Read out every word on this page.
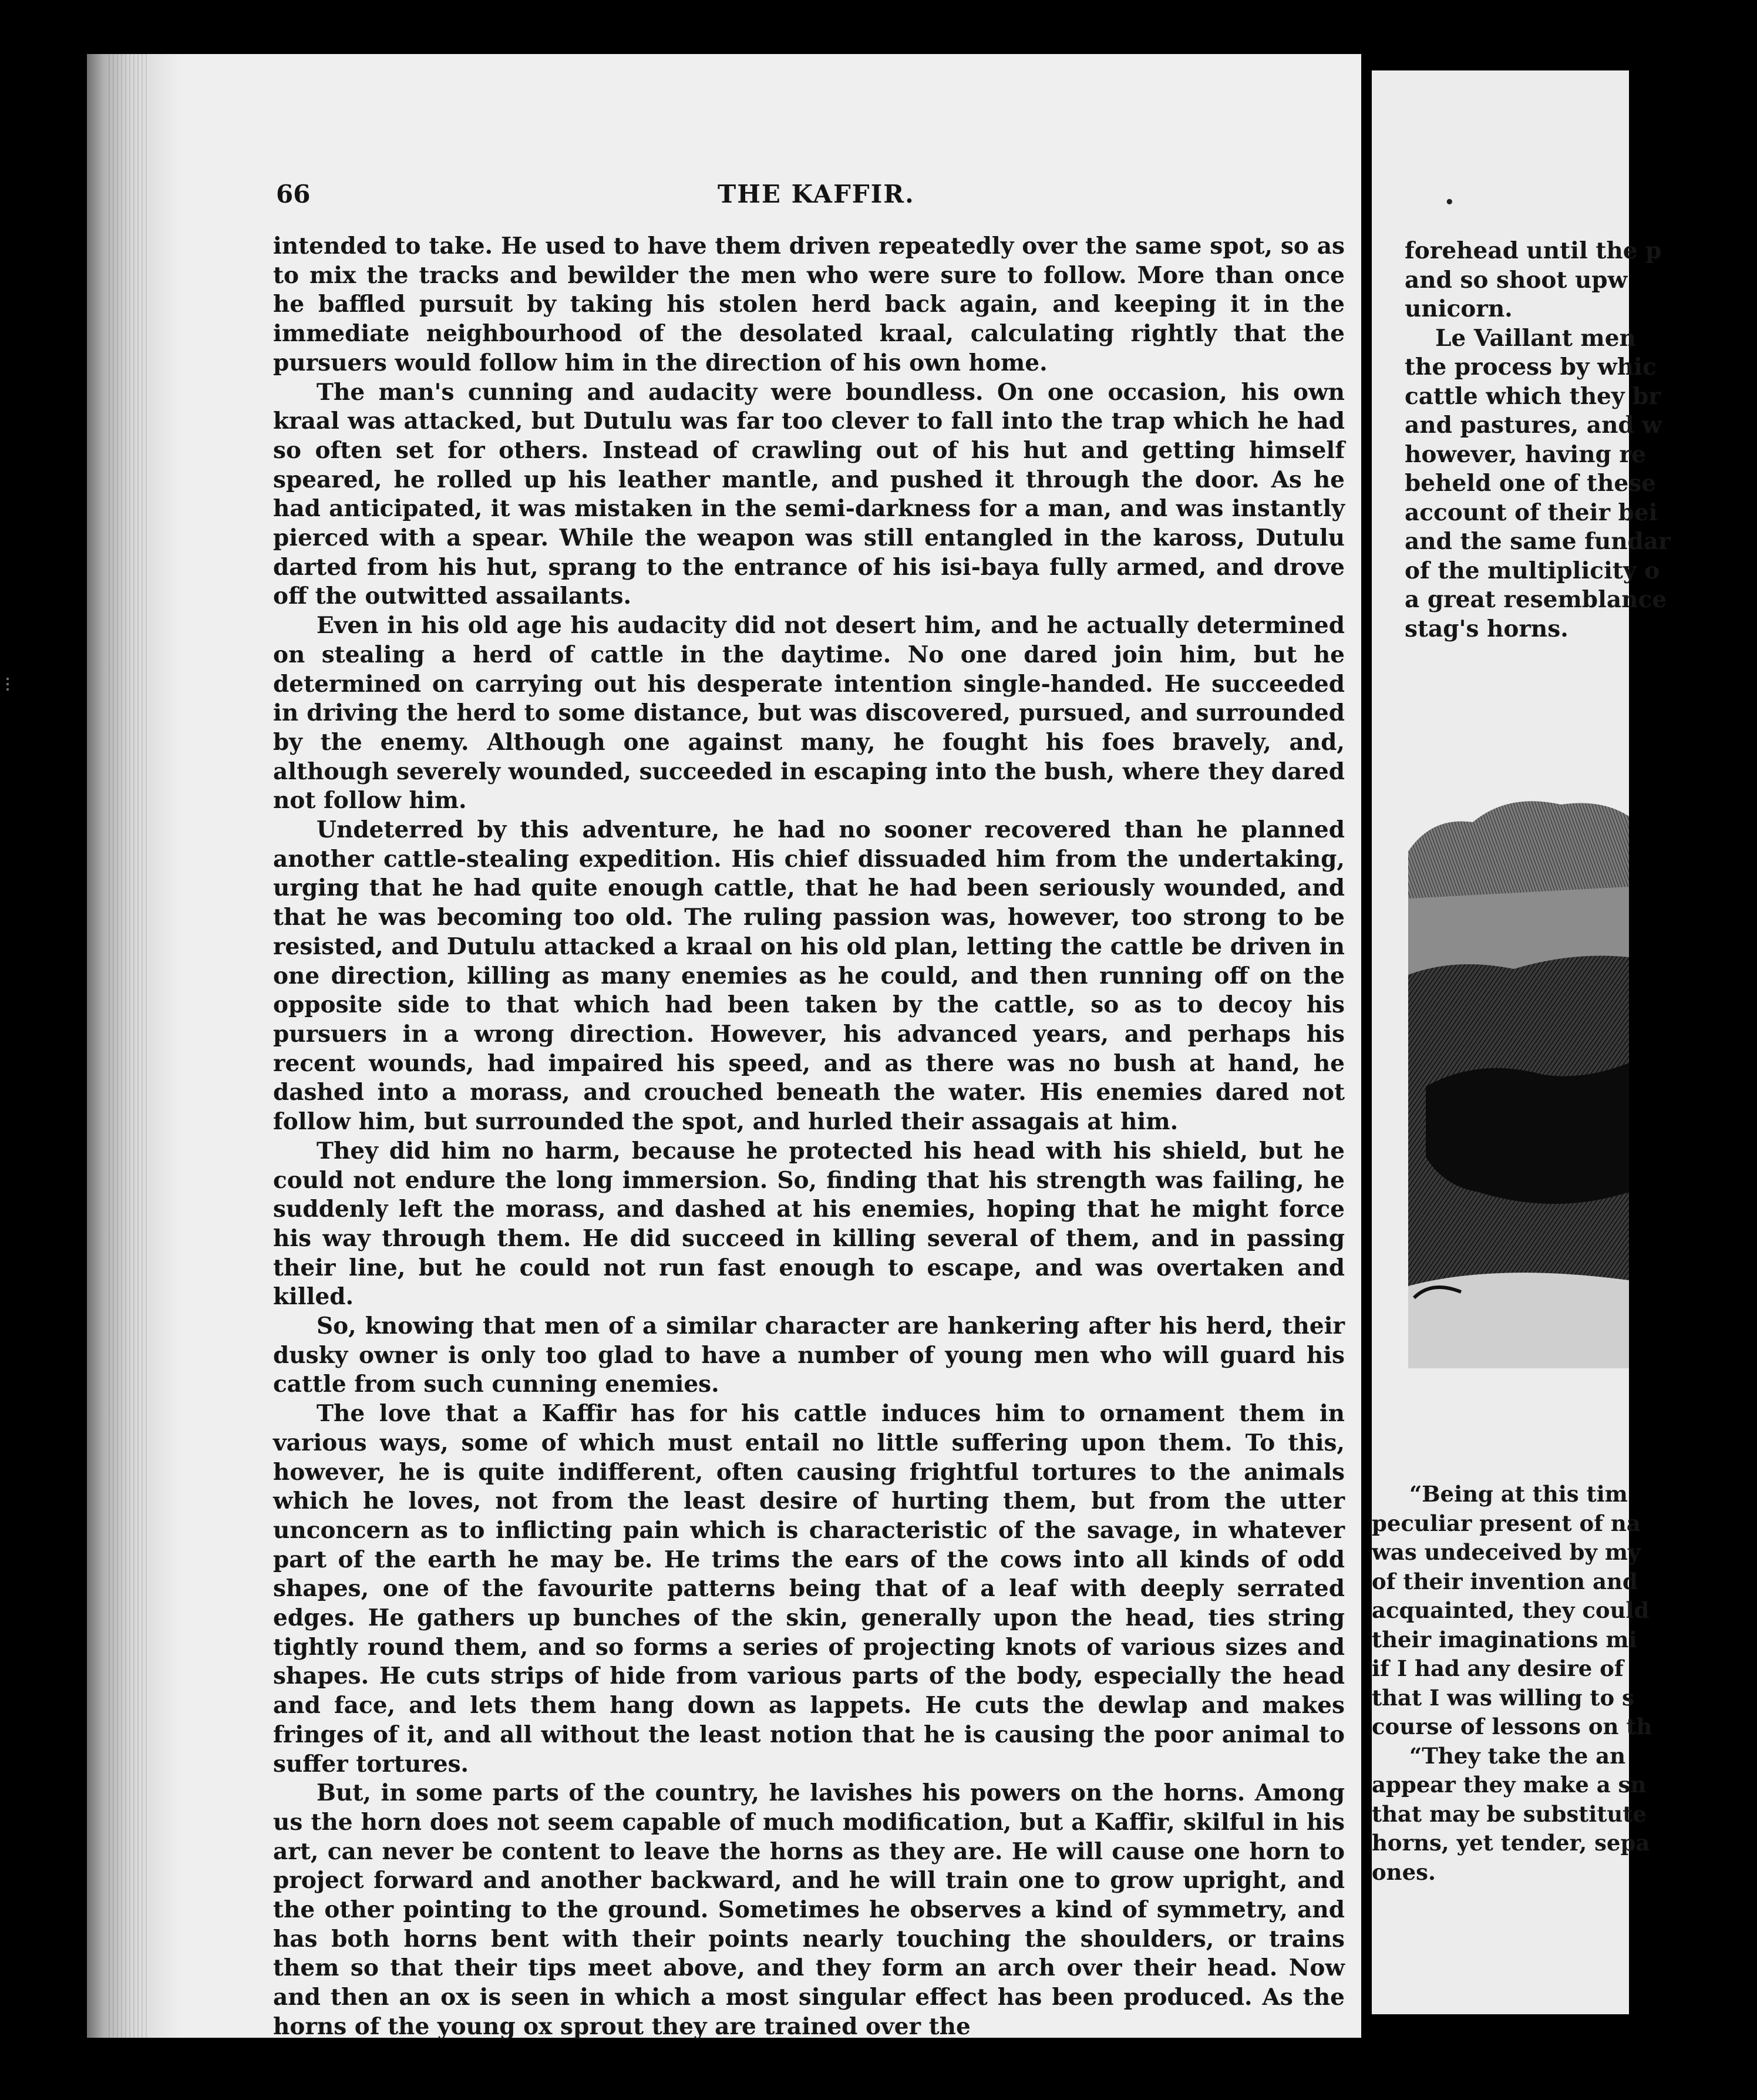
66	THE KAFFIR.

intended to take. He used to have them driven repeatedly over the same spot, so as to mix the tracks and bewilder the men who were sure to follow. More than once he baffled pursuit by taking his stolen herd back again, and keeping it in the immediate neighbourhood of the desolated kraal, calculating rightly that the pursuers would follow him in the direction of his own home.

The man's cunning and audacity were boundless. On one occasion, his own kraal was attacked, but Dutulu was far too clever to fall into the trap which he had so often set for others. Instead of crawling out of his hut and getting himself speared, he rolled up his leather mantle, and pushed it through the door. As he had anticipated, it was mistaken in the semi-darkness for a man, and was instantly pierced with a spear. While the weapon was still entangled in the kaross, Dutulu darted from his hut, sprang to the entrance of his isi-baya fully armed, and drove off the outwitted assailants.

Even in his old age his audacity did not desert him, and he actually determined on stealing a herd of cattle in the daytime. No one dared join him, but he determined on carrying out his desperate intention single-handed. He succeeded in driving the herd to some distance, but was discovered, pursued, and surrounded by the enemy. Although one against many, he fought his foes bravely, and, although severely wounded, succeeded in escaping into the bush, where they dared not follow him.

Undeterred by this adventure, he had no sooner recovered than he planned another cattle-stealing expedition. His chief dissuaded him from the undertaking, urging that he had quite enough cattle, that he had been seriously wounded, and that he was becoming too old. The ruling passion was, however, too strong to be resisted, and Dutulu attacked a kraal on his old plan, letting the cattle be driven in one direction, killing as many enemies as he could, and then running off on the opposite side to that which had been taken by the cattle, so as to decoy his pursuers in a wrong direction. However, his advanced years, and perhaps his recent wounds, had impaired his speed, and as there was no bush at hand, he dashed into a morass, and crouched beneath the water. His enemies dared not follow him, but surrounded the spot, and hurled their assagais at him.

They did him no harm, because he protected his head with his shield, but he could not endure the long immersion. So, finding that his strength was failing, he suddenly left the morass, and dashed at his enemies, hoping that he might force his way through them. He did succeed in killing several of them, and in passing their line, but he could not run fast enough to escape, and was overtaken and killed.

So, knowing that men of a similar character are hankering after his herd, their dusky owner is only too glad to have a number of young men who will guard his cattle from such cunning enemies.

The love that a Kaffir has for his cattle induces him to ornament them in various ways, some of which must entail no little suffering upon them. To this, however, he is quite indifferent, often causing frightful tortures to the animals which he loves, not from the least desire of hurting them, but from the utter unconcern as to inflicting pain which is characteristic of the savage, in whatever part of the earth he may be. He trims the ears of the cows into all kinds of odd shapes, one of the favourite patterns being that of a leaf with deeply serrated edges. He gathers up bunches of the skin, generally upon the head, ties string tightly round them, and so forms a series of projecting knots of various sizes and shapes. He cuts strips of hide from various parts of the body, especially the head and face, and lets them hang down as lappets. He cuts the dewlap and makes fringes of it, and all without the least notion that he is causing the poor animal to suffer tortures.

But, in some parts of the country, he lavishes his powers on the horns. Among us the horn does not seem capable of much modification, but a Kaffir, skilful in his art, can never be content to leave the horns as they are. He will cause one horn to project forward and another backward, and he will train one to grow upright, and the other pointing to the ground. Sometimes he observes a kind of symmetry, and has both horns bent with their points nearly touching the shoulders, or trains them so that their tips meet above, and they form an arch over their head. Now and then an ox is seen in which a most singular effect has been produced. As the horns of the young ox sprout they are trained over the

•
⋮
forehead until the p
and so shoot upw
unicorn.
Le Vaillant men
the process by whic
cattle which they br
and pastures, and w
however, having re
beheld one of these
account of their bei
and the same fundar
of the multiplicity o
a great resemblance
stag's horns.
“Being at this tim
peculiar present of na
was undeceived by my
of their invention and
acquainted, they could
their imaginations mi
if I had any desire of
that I was willing to s
course of lessons on th
“They take the an
appear they make a sn
that may be substitute
horns, yet tender, sepa
ones.
